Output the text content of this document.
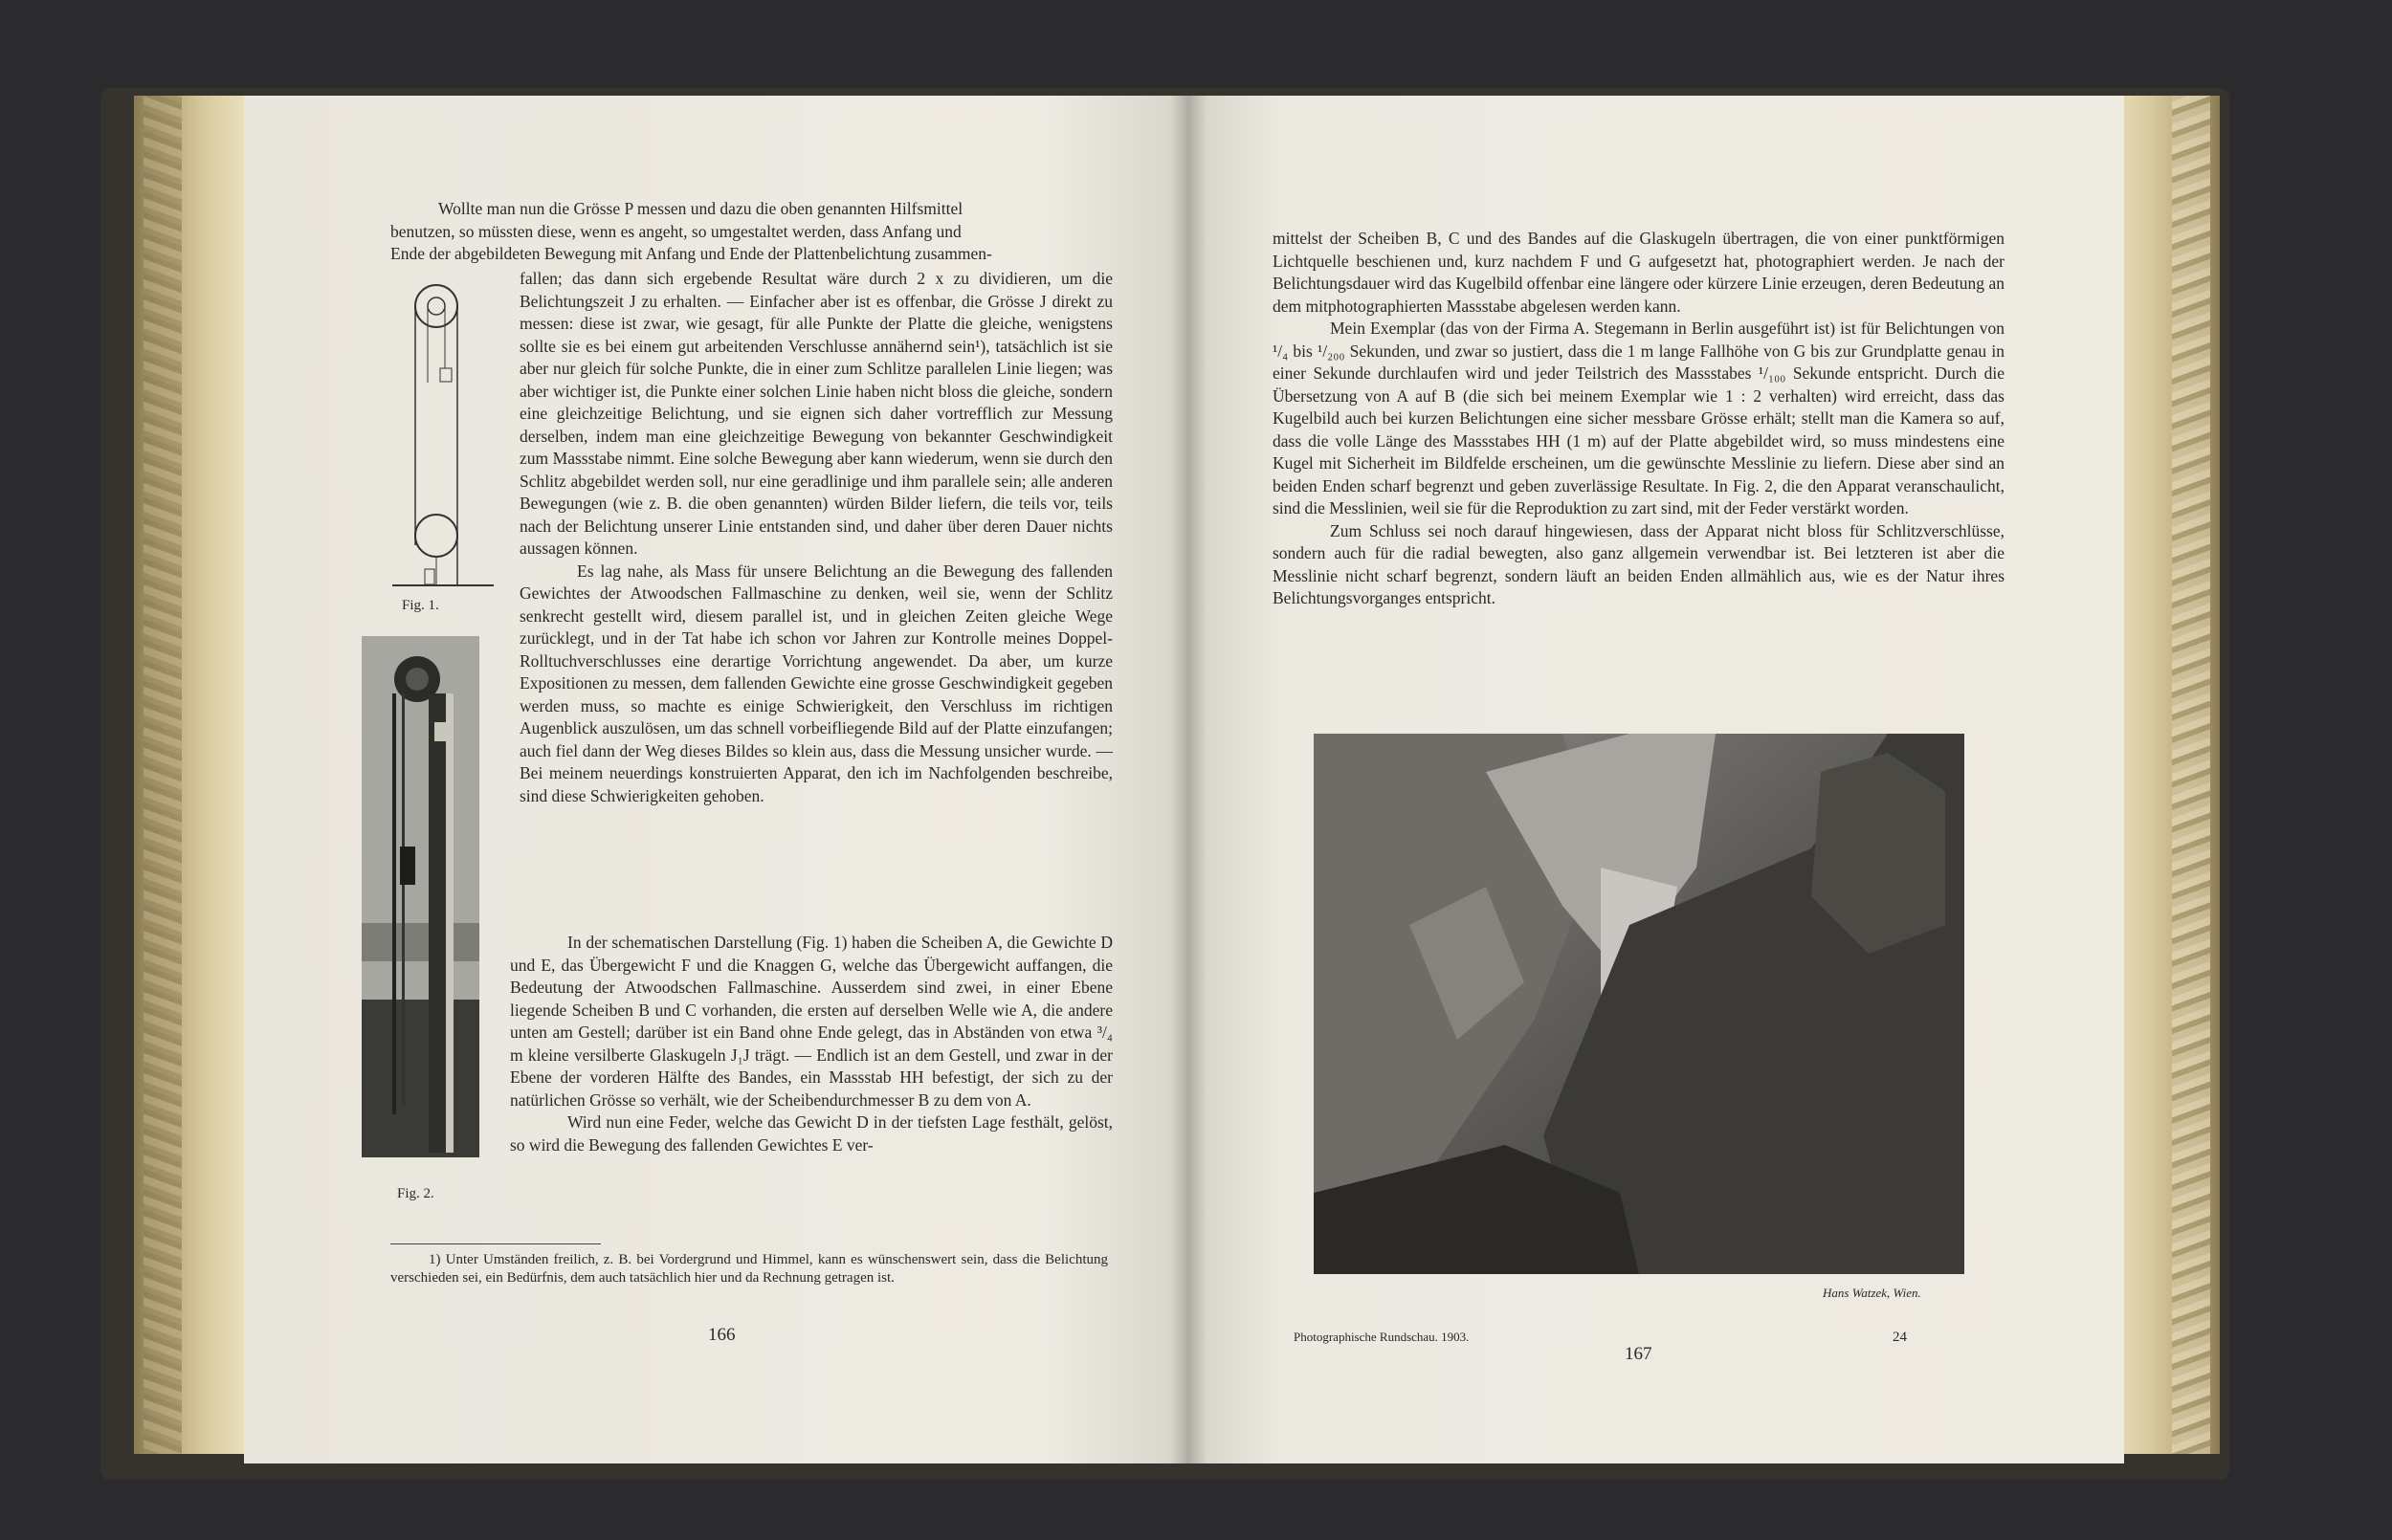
Wollte man nun die Grösse P messen und dazu die oben genannten Hilfsmittel

benutzen, so müssten diese, wenn es angeht, so umgestaltet werden, dass Anfang und

Ende der abgebildeten Bewegung mit Anfang und Ende der Plattenbelichtung zusammen-

fallen; das dann sich ergebende Resultat wäre durch 2 x zu dividieren, um die Belichtungszeit J zu erhalten. — Einfacher aber ist es offenbar, die Grösse J direkt zu messen: diese ist zwar, wie gesagt, für alle Punkte der Platte die gleiche, wenigstens sollte sie es bei einem gut arbeitenden Verschlusse annähernd sein¹), tatsächlich ist sie aber nur gleich für solche Punkte, die in einer zum Schlitze parallelen Linie liegen; was aber wichtiger ist, die Punkte einer solchen Linie haben nicht bloss die gleiche, sondern eine gleichzeitige Belichtung, und sie eignen sich daher vortrefflich zur Messung derselben, indem man eine gleichzeitige Bewegung von bekannter Geschwindigkeit zum Massstabe nimmt. Eine solche Bewegung aber kann wiederum, wenn sie durch den Schlitz abgebildet werden soll, nur eine geradlinige und ihm parallele sein; alle anderen Bewegungen (wie z. B. die oben genannten) würden Bilder liefern, die teils vor, teils nach der Belichtung unserer Linie entstanden sind, und daher über deren Dauer nichts aussagen können.

Es lag nahe, als Mass für unsere Belichtung an die Bewegung des fallenden Gewichtes der Atwoodschen Fallmaschine zu denken, weil sie, wenn der Schlitz senkrecht gestellt wird, diesem parallel ist, und in gleichen Zeiten gleiche Wege zurücklegt, und in der Tat habe ich schon vor Jahren zur Kontrolle meines Doppel-Rolltuchverschlusses eine derartige Vorrichtung angewendet. Da aber, um kurze Expositionen zu messen, dem fallenden Gewichte eine grosse Geschwindigkeit gegeben werden muss, so machte es einige Schwierigkeit, den Verschluss im richtigen Augenblick auszulösen, um das schnell vorbeifliegende Bild auf der Platte einzufangen; auch fiel dann der Weg dieses Bildes so klein aus, dass die Messung unsicher wurde. — Bei meinem neuerdings konstruierten Apparat, den ich im Nachfolgenden beschreibe, sind diese Schwierigkeiten gehoben.

In der schematischen Darstellung (Fig. 1) haben die Scheiben A, die Gewichte D und E, das Übergewicht F und die Knaggen G, welche das Übergewicht auffangen, die Bedeutung der Atwoodschen Fallmaschine. Ausserdem sind zwei, in einer Ebene liegende Scheiben B und C vorhanden, die ersten auf derselben Welle wie A, die andere unten am Gestell; darüber ist ein Band ohne Ende gelegt, das in Abständen von etwa ³/₄ m kleine versilberte Glaskugeln J₁J trägt. — Endlich ist an dem Gestell, und zwar in der Ebene der vorderen Hälfte des Bandes, ein Massstab HH befestigt, der sich zu der natürlichen Grösse so verhält, wie der Scheibendurchmesser B zu dem von A.

Wird nun eine Feder, welche das Gewicht D in der tiefsten Lage festhält, gelöst, so wird die Bewegung des fallenden Gewichtes E ver-

Fig. 1.
Fig. 2.

1) Unter Umständen freilich, z. B. bei Vordergrund und Himmel, kann es wünschenswert sein, dass die Belichtung verschieden sei, ein Bedürfnis, dem auch tatsächlich hier und da Rechnung getragen ist.

166

mittelst der Scheiben B, C und des Bandes auf die Glaskugeln übertragen, die von einer punktförmigen Lichtquelle beschienen und, kurz nachdem F und G aufgesetzt hat, photographiert werden. Je nach der Belichtungsdauer wird das Kugelbild offenbar eine längere oder kürzere Linie erzeugen, deren Bedeutung an dem mitphotographierten Massstabe abgelesen werden kann.

Mein Exemplar (das von der Firma A. Stegemann in Berlin ausgeführt ist) ist für Belichtungen von ¹/₄ bis ¹/₂₀₀ Sekunden, und zwar so justiert, dass die 1 m lange Fallhöhe von G bis zur Grundplatte genau in einer Sekunde durchlaufen wird und jeder Teilstrich des Massstabes ¹/₁₀₀ Sekunde entspricht. Durch die Übersetzung von A auf B (die sich bei meinem Exemplar wie 1 : 2 verhalten) wird erreicht, dass das Kugelbild auch bei kurzen Belichtungen eine sicher messbare Grösse erhält; stellt man die Kamera so auf, dass die volle Länge des Massstabes HH (1 m) auf der Platte abgebildet wird, so muss mindestens eine Kugel mit Sicherheit im Bildfelde erscheinen, um die gewünschte Messlinie zu liefern. Diese aber sind an beiden Enden scharf begrenzt und geben zuverlässige Resultate. In Fig. 2, die den Apparat veranschaulicht, sind die Messlinien, weil sie für die Reproduktion zu zart sind, mit der Feder verstärkt worden.

Zum Schluss sei noch darauf hingewiesen, dass der Apparat nicht bloss für Schlitzverschlüsse, sondern auch für die radial bewegten, also ganz allgemein verwendbar ist. Bei letzteren ist aber die Messlinie nicht scharf begrenzt, sondern läuft an beiden Enden allmählich aus, wie es der Natur ihres Belichtungsvorganges entspricht.

Hans Watzek, Wien.
Photographische Rundschau. 1903.
167
24
